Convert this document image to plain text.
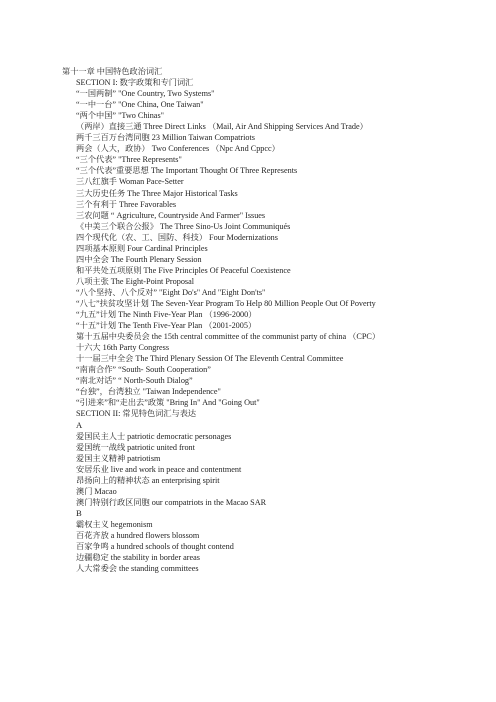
第十一章 中国特色政治词汇
SECTION I: 数字政策和专门词汇
“一国两制” "One Country, Two Systems"
“一中一台” "One China, One Taiwan"
“两个中国” "Two Chinas"
（两岸）直接三通 Three Direct Links （Mail, Air And Shipping Services And Trade）
两千三百万台湾同胞 23 Million Taiwan Compatriots
两会（人大，政协） Two Conferences （Npc And Cppcc）
“三个代表” "Three Represents"
“三个代表”重要思想 The Important Thought Of Three Represents
三八红旗手 Woman Pace-Setter
三大历史任务 The Three Major Historical Tasks
三个有利于 Three Favorables
三农问题 “ Agriculture, Countryside And Farmer" Issues
《中美三个联合公报》 The Three Sino-Us Joint Communiqués
四个现代化（农、工、国防、科技） Four Modernizations
四项基本原则 Four Cardinal Principles
四中全会 The Fourth Plenary Session
和平共处五项原则 The Five Principles Of Peaceful Coexistence
八项主张 The Eight-Point Proposal
“八个坚持、八个反对” "Eight Do's" And "Eight Don'ts"
“八七”扶贫攻坚计划 The Seven-Year Program To Help 80 Million People Out Of Poverty
“九五”计划 The Ninth Five-Year Plan （1996-2000）
“十五”计划 The Tenth Five-Year Plan （2001-2005）
第十五届中央委员会 the 15th central committee of the communist party of china （CPC）
十六大 16th Party Congress
十一届三中全会 The Third Plenary Session Of The Eleventh Central Committee
“南南合作” “South- South Cooperation”
“南北对话” “ North-South Dialog”
“台独”，台湾独立 "Taiwan Independence"
“引进来”和“走出去”政策 "Bring In" And "Going Out"
SECTION II: 常见特色词汇与表达
A
爱国民主人士 patriotic democratic personages
爱国统一战线 patriotic united front
爱国主义精神 patriotism
安居乐业 live and work in peace and contentment
昂扬向上的精神状态 an enterprising spirit
澳门 Macao
澳门特别行政区同胞 our compatriots in the Macao SAR
B
霸权主义 hegemonism
百花齐放 a hundred flowers blossom
百家争鸣 a hundred schools of thought contend
边疆稳定 the stability in border areas
人大常委会 the standing committees
